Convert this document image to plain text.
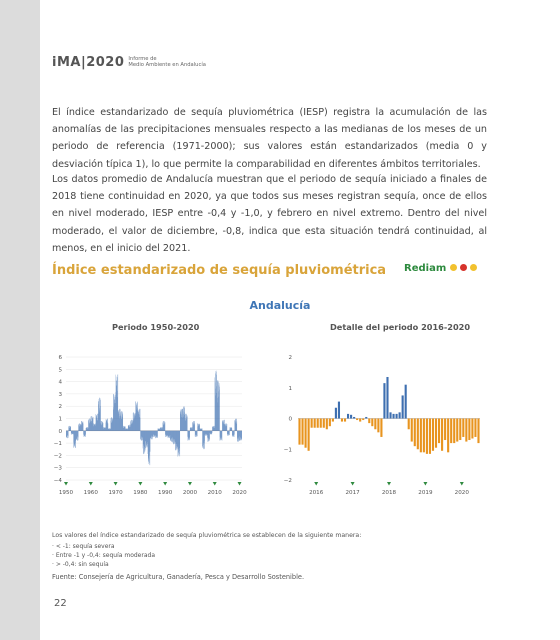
iMA|2020 Informe de
Medio Ambiente en Andalucía

El índice estandarizado de sequía pluviométrica (IESP) registra la acumulación de las anomalías de las precipitaciones mensuales respecto a las medianas de los meses de un periodo de referencia (1971-2000); sus valores están estandarizados (media 0 y desviación típica 1), lo que permite la comparabilidad en diferentes ámbitos territoriales.

Los datos promedio de Andalucía muestran que el periodo de sequía iniciado a finales de 2018 tiene continuidad en 2020, ya que todos sus meses registran sequía, once de ellos en nivel moderado, IESP entre -0,4 y -1,0, y febrero en nivel extremo. Dentro del nivel moderado, el valor de diciembre, -0,8, indica que esta situación tendrá continuidad, al menos, en el inicio del 2021.

Índice estandarizado de sequía pluviométrica Rediam
Andalucía
Periodo 1950-2020	Detalle del periodo 2016-2020
6
5
4
3
2
1
0
−1
−2
−3
−4
1950 1960 1970 1980 1990 2000 2010 2020
2
1
0
−1
−2
2016	2017	2018	2019	2020

Los valores del índice estandarizado de sequía pluviométrica se establecen de la siguiente manera:

· < -1: sequía severa
· Entre -1 y -0,4: sequía moderada
· > -0,4: sin sequía

Fuente: Consejería de Agricultura, Ganadería, Pesca y Desarrollo Sostenible.

22
